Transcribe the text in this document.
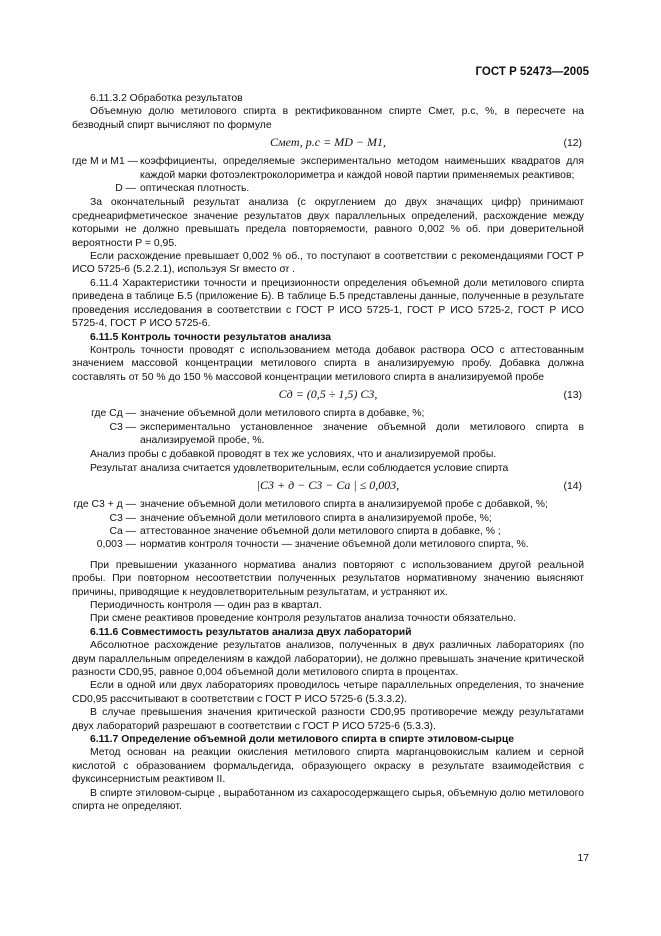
ГОСТ Р 52473—2005

6.11.3.2 Обработка результатов

Объемную долю метилового спирта в ректификованном спирте Cмет, р.с, %, в пересчете на безводный спирт вычисляют по формуле

Cмет, р.с = MD − M1,	(12)
где M и M1 — коэффициенты, определяемые экспериментально методом наименьших квадратов для каждой марки фотоэлектроколориметра и каждой новой партии применяемых реактивов;
D — оптическая плотность.

За окончательный результат анализа (с округлением до двух значащих цифр) принимают среднеарифметическое значение результатов двух параллельных определений, расхождение между которыми не должно превышать предела повторяемости, равного 0,002 % об. при доверительной вероятности P = 0,95.

Если расхождение превышает 0,002 % об., то поступают в соответствии с рекомендациями ГОСТ Р ИСО 5725-6 (5.2.2.1), используя Sr вместо σr .

6.11.4 Характеристики точности и прецизионности определения объемной доли метилового спирта приведена в таблице Б.5 (приложение Б). В таблице Б.5 представлены данные, полученные в результате проведения исследования в соответствии с ГОСТ Р ИСО 5725-1, ГОСТ Р ИСО 5725-2, ГОСТ Р ИСО 5725-4, ГОСТ Р ИСО 5725-6.

6.11.5 Контроль точности результатов анализа

Контроль точности проводят с использованием метода добавок раствора ОСО с аттестованным значением массовой концентрации метилового спирта в анализируемую пробу. Добавка должна составлять от 50 % до 150 % массовой концентрации метилового спирта в анализируемой пробе

Cд = (0,5 ÷ 1,5) C3,	(13)
где Cд — значение объемной доли метилового спирта в добавке, %;
C3 — экспериментально установленное значение объемной доли метилового спирта в анализируемой пробе, %.

Анализ пробы с добавкой проводят в тех же условиях, что и анализируемой пробы.

Результат анализа считается удовлетворительным, если соблюдается условие спирта

|C3 + д − C3 − Cа | ≤ 0,003,	(14)
где C3 + д — значение объемной доли метилового спирта в анализируемой пробе с добавкой, %;
C3 — значение объемной доли метилового спирта в анализируемой пробе, %;
Cа — аттестованное значение объемной доли метилового спирта в добавке, % ;
0,003 — норматив контроля точности — значение объемной доли метилового спирта, %.

При превышении указанного норматива анализ повторяют с использованием другой реальной пробы. При повторном несоответствии полученных результатов нормативному значению выясняют причины, приводящие к неудовлетворительным результатам, и устраняют их.

Периодичность контроля — один раз в квартал.

При смене реактивов проведение контроля результатов анализа точности обязательно.

6.11.6 Совместимость результатов анализа двух лабораторий

Абсолютное расхождение результатов анализов, полученных в двух различных лабораториях (по двум параллельным определениям в каждой лаборатории), не должно превышать значение критической разности CD0,95, равное 0,004 объемной доли метилового спирта в процентах.

Если в одной или двух лабораториях проводилось четыре параллельных определения, то значение CD0,95 рассчитывают в соответствии с ГОСТ Р ИСО 5725-6 (5.3.3.2).

В случае превышения значения критической разности CD0,95 противоречие между результатами двух лабораторий разрешают в соответствии с ГОСТ Р ИСО 5725-6 (5.3.3).

6.11.7 Определение объемной доли метилового спирта в спирте этиловом-сырце

Метод основан на реакции окисления метилового спирта марганцовокислым калием и серной кислотой с образованием формальдегида, образующего окраску в результате взаимодействия с фуксинсернистым реактивом II.

В спирте этиловом-сырце , выработанном из сахаросодержащего сырья, объемную долю метилового спирта не определяют.

17
